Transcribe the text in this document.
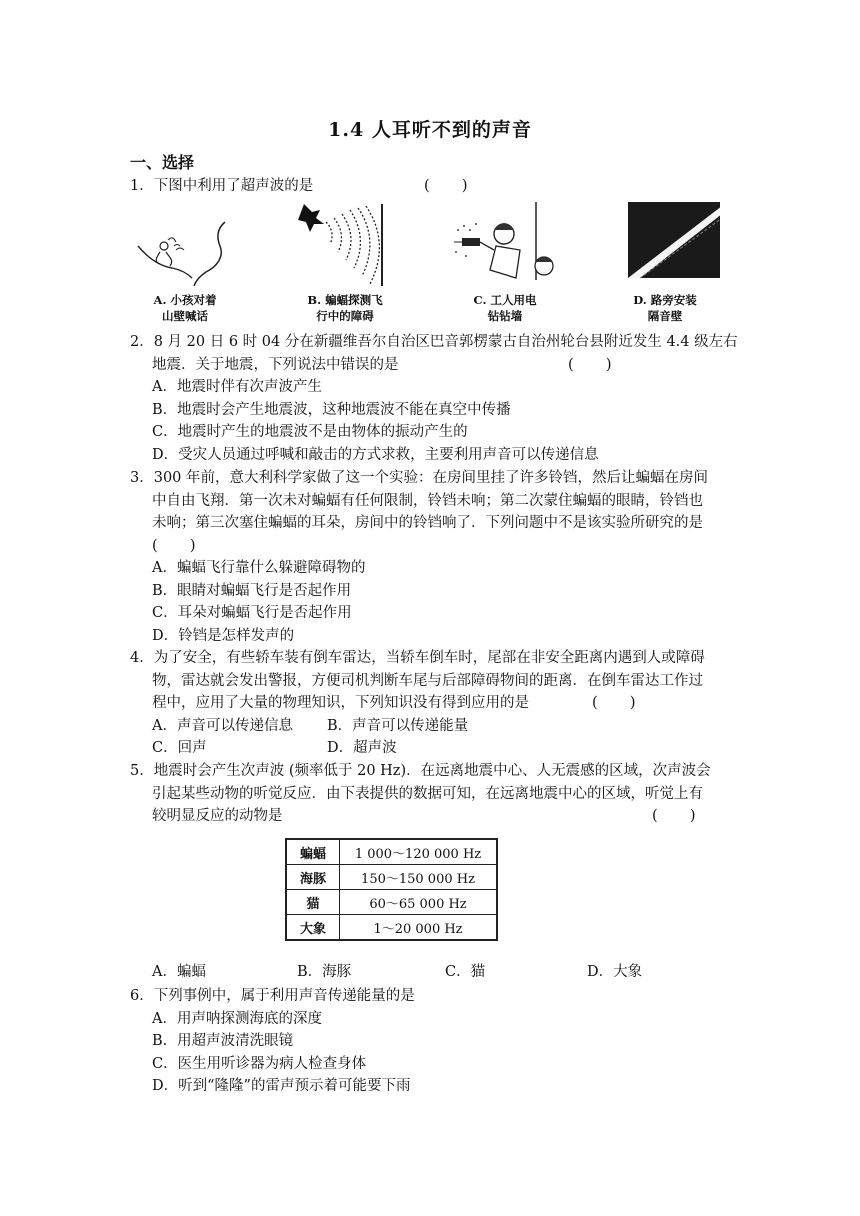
1.4 人耳听不到的声音
一、选择
1．下图中利用了超声波的是	(       )
A. 小孩对着
山壁喊话
B. 蝙蝠探测飞
行中的障碍
C. 工人用电
钻钻墙
D. 路旁安装
隔音壁
2．8 月 20 日 6 时 04 分在新疆维吾尔自治区巴音郭楞蒙古自治州轮台县附近发生 4.4 级左右
地震．关于地震，下列说法中错误的是
A．地震时伴有次声波产生
B．地震时会产生地震波，这种地震波不能在真空中传播
C．地震时产生的地震波不是由物体的振动产生的
D．受灾人员通过呼喊和敲击的方式求救，主要利用声音可以传递信息
(       )
3．300 年前，意大利科学家做了这一个实验：在房间里挂了许多铃铛，然后让蝙蝠在房间
中自由飞翔．第一次未对蝙蝠有任何限制，铃铛未响；第二次蒙住蝙蝠的眼睛，铃铛也
未响；第三次塞住蝙蝠的耳朵，房间中的铃铛响了．下列问题中不是该实验所研究的是
(       )
A．蝙蝠飞行靠什么躲避障碍物的
B．眼睛对蝙蝠飞行是否起作用
C．耳朵对蝙蝠飞行是否起作用
D．铃铛是怎样发声的
4．为了安全，有些轿车装有倒车雷达，当轿车倒车时，尾部在非安全距离内遇到人或障碍
物，雷达就会发出警报，方便司机判断车尾与后部障碍物间的距离．在倒车雷达工作过
程中，应用了大量的物理知识，下列知识没有得到应用的是
A．声音可以传递信息	B．声音可以传递能量
C．回声	D．超声波
(       )
5．地震时会产生次声波 (频率低于 20 Hz)．在远离地震中心、人无震感的区域，次声波会
引起某些动物的听觉反应．由下表提供的数据可知，在远离地震中心的区域，听觉上有
较明显反应的动物是	(       )
蝙蝠	1 000～120 000 Hz
海豚	150～150 000 Hz
猫	60～65 000 Hz
大象	1～20 000 Hz
A．蝙蝠	B．海豚	C．猫	D．大象
6．下列事例中，属于利用声音传递能量的是
A．用声呐探测海底的深度
B．用超声波清洗眼镜
C．医生用听诊器为病人检查身体
D．听到“隆隆”的雷声预示着可能要下雨
